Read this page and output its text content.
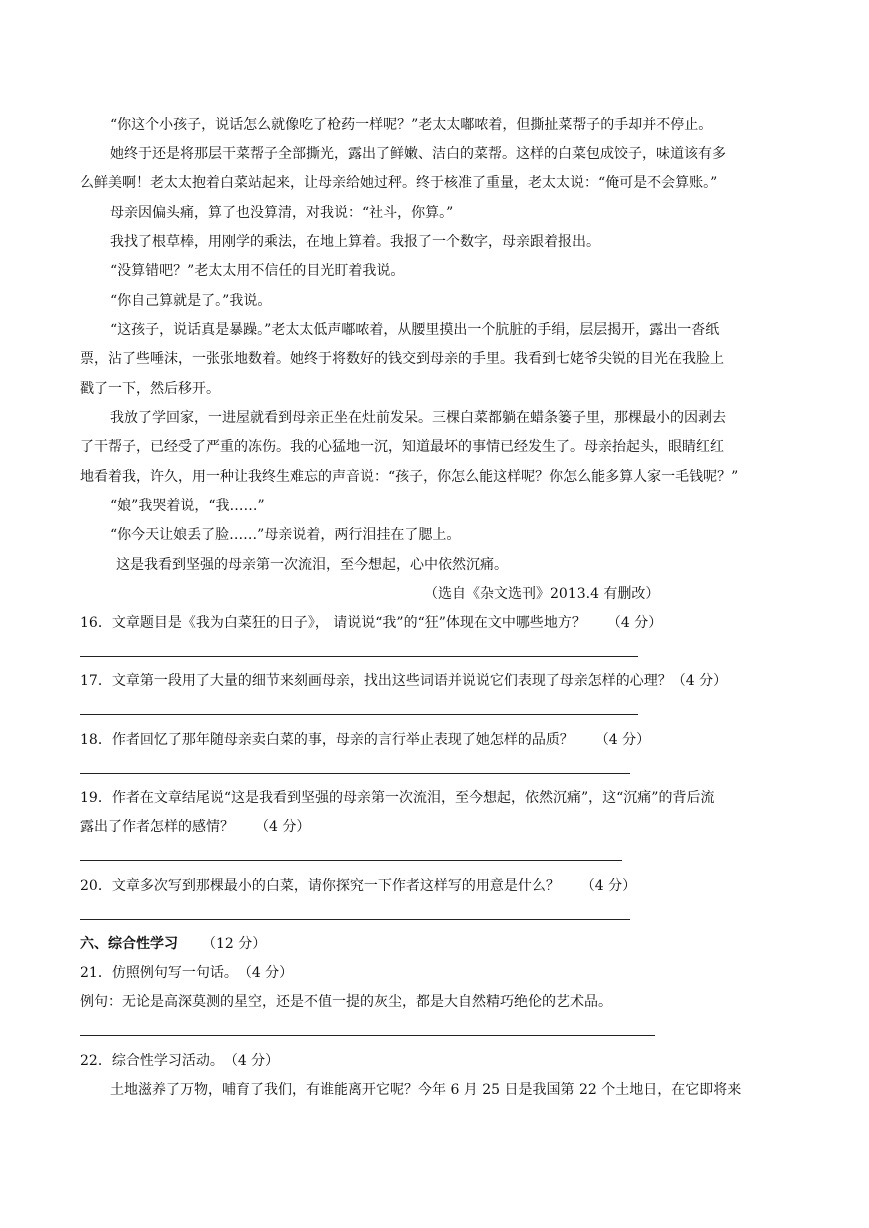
“你这个小孩子，说话怎么就像吃了枪药一样呢？”老太太嘟哝着，但撕扯菜帮子的手却并不停止。
她终于还是将那层干菜帮子全部撕光，露出了鲜嫩、洁白的菜帮。这样的白菜包成饺子，味道该有多
么鲜美啊！老太太抱着白菜站起来，让母亲给她过秤。终于核准了重量，老太太说：“俺可是不会算账。”
母亲因偏头痛，算了也没算清，对我说：“社斗，你算。”
我找了根草棒，用刚学的乘法，在地上算着。我报了一个数字，母亲跟着报出。
“没算错吧？”老太太用不信任的目光盯着我说。
“你自己算就是了。”我说。
“这孩子，说话真是暴躁。”老太太低声嘟哝着，从腰里摸出一个肮脏的手绢，层层揭开，露出一沓纸
票，沾了些唾沫，一张张地数着。她终于将数好的钱交到母亲的手里。我看到七姥爷尖锐的目光在我脸上
戳了一下，然后移开。
我放了学回家，一进屋就看到母亲正坐在灶前发呆。三棵白菜都躺在蜡条篓子里，那棵最小的因剥去
了干帮子，已经受了严重的冻伤。我的心猛地一沉，知道最坏的事情已经发生了。母亲抬起头，眼睛红红
地看着我，许久，用一种让我终生难忘的声音说：“孩子，你怎么能这样呢？你怎么能多算人家一毛钱呢？”
“娘”我哭着说，“我……”
“你今天让娘丢了脸……”母亲说着，两行泪挂在了腮上。
这是我看到坚强的母亲第一次流泪，至今想起，心中依然沉痛。
（选自《杂文选刊》2013.4 有删改）
16．文章题目是《我为白菜狂的日子》， 请说说“我”的“狂”体现在文中哪些地方？　　（4 分）
17．文章第一段用了大量的细节来刻画母亲，找出这些词语并说说它们表现了母亲怎样的心理？（4 分）
18．作者回忆了那年随母亲卖白菜的事，母亲的言行举止表现了她怎样的品质？　　（4 分）
19．作者在文章结尾说“这是我看到坚强的母亲第一次流泪，至今想起，依然沉痛”，这“沉痛”的背后流
露出了作者怎样的感情？　　（4 分）
20．文章多次写到那棵最小的白菜，请你探究一下作者这样写的用意是什么？　　（4 分）
六、综合性学习 （12 分）
21．仿照例句写一句话。　（4 分）
例句：无论是高深莫测的星空，还是不值一提的灰尘，都是大自然精巧绝伦的艺术品。
22．综合性学习活动。　（4 分）
土地滋养了万物，哺育了我们，有谁能离开它呢？今年 6 月 25 日是我国第 22 个土地日，在它即将来
